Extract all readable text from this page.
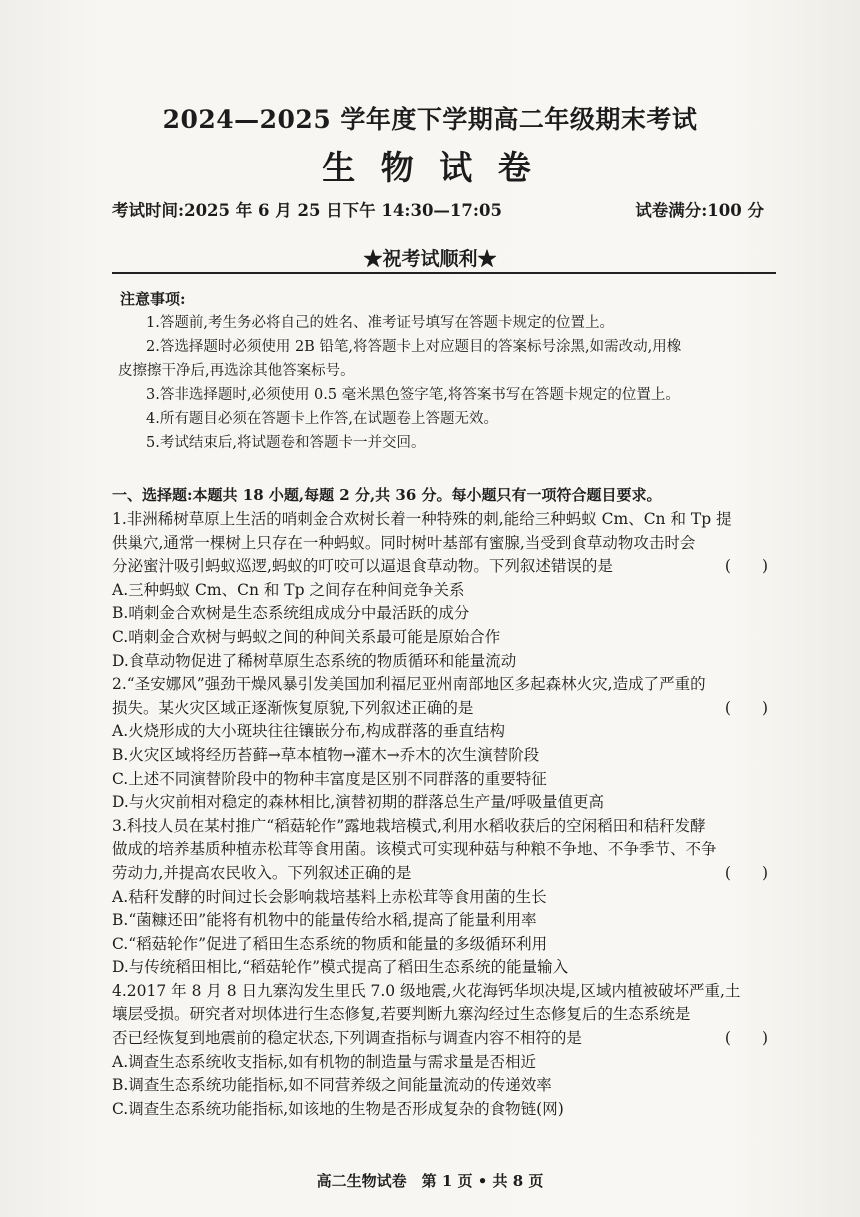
2024—2025 学年度下学期高二年级期末考试
生 物 试 卷
考试时间:2025 年 6 月 25 日下午 14:30—17:05	试卷满分:100 分
★祝考试顺利★
注意事项:

1.答题前,考生务必将自己的姓名、准考证号填写在答题卡规定的位置上。

2.答选择题时必须使用 2B 铅笔,将答题卡上对应题目的答案标号涂黑,如需改动,用橡

皮擦擦干净后,再选涂其他答案标号。

3.答非选择题时,必须使用 0.5 毫米黑色签字笔,将答案书写在答题卡规定的位置上。

4.所有题目必须在答题卡上作答,在试题卷上答题无效。

5.考试结束后,将试题卷和答题卡一并交回。

一、选择题:本题共 18 小题,每题 2 分,共 36 分。每小题只有一项符合题目要求。

1.非洲稀树草原上生活的哨刺金合欢树长着一种特殊的刺,能给三种蚂蚁 Cm、Cn 和 Tp 提

供巢穴,通常一棵树上只存在一种蚂蚁。同时树叶基部有蜜腺,当受到食草动物攻击时会

(　　)
分泌蜜汁吸引蚂蚁巡逻,蚂蚁的叮咬可以逼退食草动物。下列叙述错误的是

A.三种蚂蚁 Cm、Cn 和 Tp 之间存在种间竞争关系

B.哨刺金合欢树是生态系统组成成分中最活跃的成分

C.哨刺金合欢树与蚂蚁之间的种间关系最可能是原始合作

D.食草动物促进了稀树草原生态系统的物质循环和能量流动

2.“圣安娜风”强劲干燥风暴引发美国加利福尼亚州南部地区多起森林火灾,造成了严重的

(　　)
损失。某火灾区域正逐渐恢复原貌,下列叙述正确的是

A.火烧形成的大小斑块往往镶嵌分布,构成群落的垂直结构

B.火灾区域将经历苔藓→草本植物→灌木→乔木的次生演替阶段

C.上述不同演替阶段中的物种丰富度是区别不同群落的重要特征

D.与火灾前相对稳定的森林相比,演替初期的群落总生产量/呼吸量值更高

3.科技人员在某村推广“稻菇轮作”露地栽培模式,利用水稻收获后的空闲稻田和秸秆发酵

做成的培养基质种植赤松茸等食用菌。该模式可实现种菇与种粮不争地、不争季节、不争

(　　)
劳动力,并提高农民收入。下列叙述正确的是

A.秸秆发酵的时间过长会影响栽培基料上赤松茸等食用菌的生长

B.“菌糠还田”能将有机物中的能量传给水稻,提高了能量利用率

C.“稻菇轮作”促进了稻田生态系统的物质和能量的多级循环利用

D.与传统稻田相比,“稻菇轮作”模式提高了稻田生态系统的能量输入

4.2017 年 8 月 8 日九寨沟发生里氏 7.0 级地震,火花海钙华坝决堤,区域内植被破坏严重,土

壤层受损。研究者对坝体进行生态修复,若要判断九寨沟经过生态修复后的生态系统是

(　　)
否已经恢复到地震前的稳定状态,下列调查指标与调查内容不相符的是

A.调查生态系统收支指标,如有机物的制造量与需求量是否相近

B.调查生态系统功能指标,如不同营养级之间能量流动的传递效率

C.调查生态系统功能指标,如该地的生物是否形成复杂的食物链(网)

高二生物试卷　第 1 页 • 共 8 页
